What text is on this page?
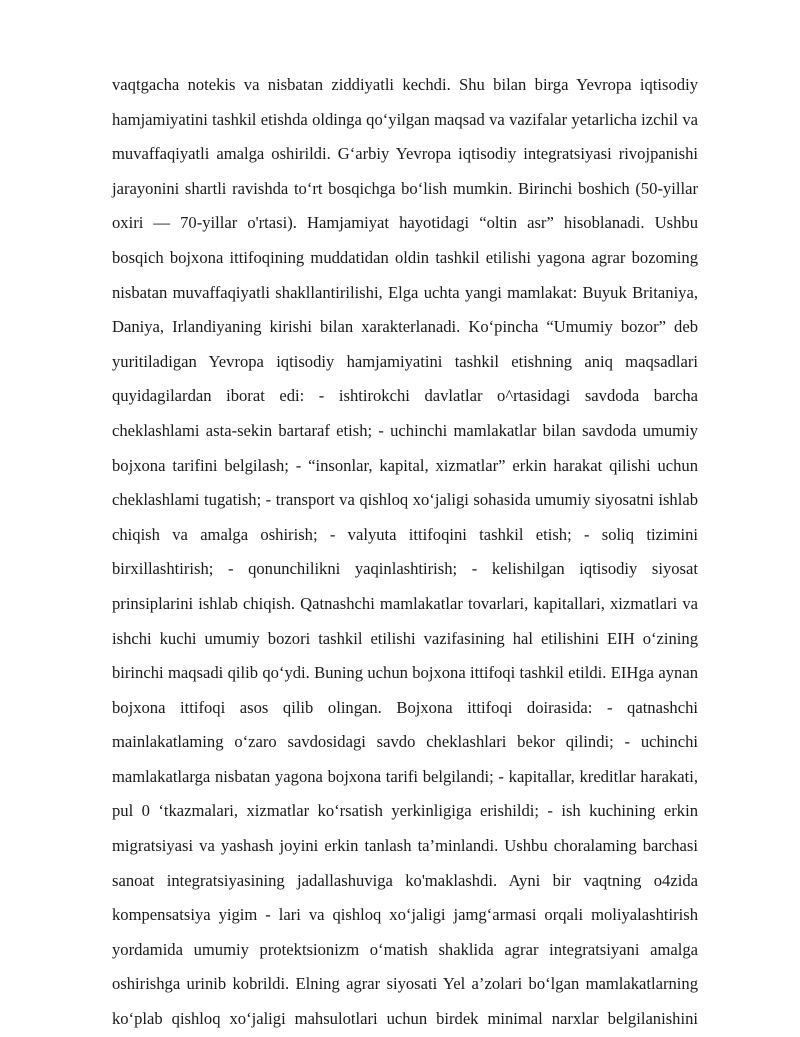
vaqtgacha notekis va nisbatan ziddiyatli kechdi. Shu bilan birga Yevropa iqtisodiy
hamjamiyatini tashkil etishda oldinga qo‘yilgan maqsad va vazifalar yetarlicha izchil va
muvaffaqiyatli amalga oshirildi. G‘arbiy Yevropa iqtisodiy integratsiyasi rivojpanishi
jarayonini shartli ravishda to‘rt bosqichga bo‘lish mumkin. Birinchi boshich (50-yillar
oxiri — 70-yillar o'rtasi). Hamjamiyat hayotidagi “oltin asr” hisoblanadi. Ushbu
bosqich bojxona ittifoqining muddatidan oldin tashkil etilishi yagona agrar bozoming
nisbatan muvaffaqiyatli shakllantirilishi, Elga uchta yangi mamlakat: Buyuk Britaniya,
Daniya, Irlandiyaning kirishi bilan xarakterlanadi. Ko‘pincha “Umumiy bozor” deb
yuritiladigan Yevropa iqtisodiy hamjamiyatini tashkil etishning aniq maqsadlari
quyidagilardan iborat edi: - ishtirokchi davlatlar o^rtasidagi savdoda barcha
cheklashlami asta-sekin bartaraf etish; - uchinchi mamlakatlar bilan savdoda umumiy
bojxona tarifini belgilash; - “insonlar, kapital, xizmatlar” erkin harakat qilishi uchun
cheklashlami tugatish; - transport va qishloq xo‘jaligi sohasida umumiy siyosatni ishlab
chiqish va amalga oshirish; - valyuta ittifoqini tashkil etish; - soliq tizimini
birxillashtirish; - qonunchilikni yaqinlashtirish; - kelishilgan iqtisodiy siyosat
prinsiplarini ishlab chiqish. Qatnashchi mamlakatlar tovarlari, kapitallari, xizmatlari va
ishchi kuchi umumiy bozori tashkil etilishi vazifasining hal etilishini EIH o‘zining
birinchi maqsadi qilib qo‘ydi. Buning uchun bojxona ittifoqi tashkil etildi. EIHga aynan
bojxona ittifoqi asos qilib olingan. Bojxona ittifoqi doirasida: - qatnashchi
mainlakatlaming o‘zaro savdosidagi savdo cheklashlari bekor qilindi; - uchinchi
mamlakatlarga nisbatan yagona bojxona tarifi belgilandi; - kapitallar, kreditlar harakati,
pul 0 ‘tkazmalari, xizmatlar ko‘rsatish yerkinligiga erishildi; - ish kuchining erkin
migratsiyasi va yashash joyini erkin tanlash ta’minlandi. Ushbu choralaming barchasi
sanoat integratsiyasining jadallashuviga ko'maklashdi. Ayni bir vaqtning o4zida
kompensatsiya yigim - lari va qishloq xo‘jaligi jamg‘armasi orqali moliyalashtirish
yordamida umumiy protektsionizm o‘matish shaklida agrar integratsiyani amalga
oshirishga urinib kobrildi. Elning agrar siyosati Yel a’zolari bo‘lgan mamlakatlarning
ko‘plab qishloq xo‘jaligi mahsulotlari uchun birdek minimal narxlar belgilanishini
